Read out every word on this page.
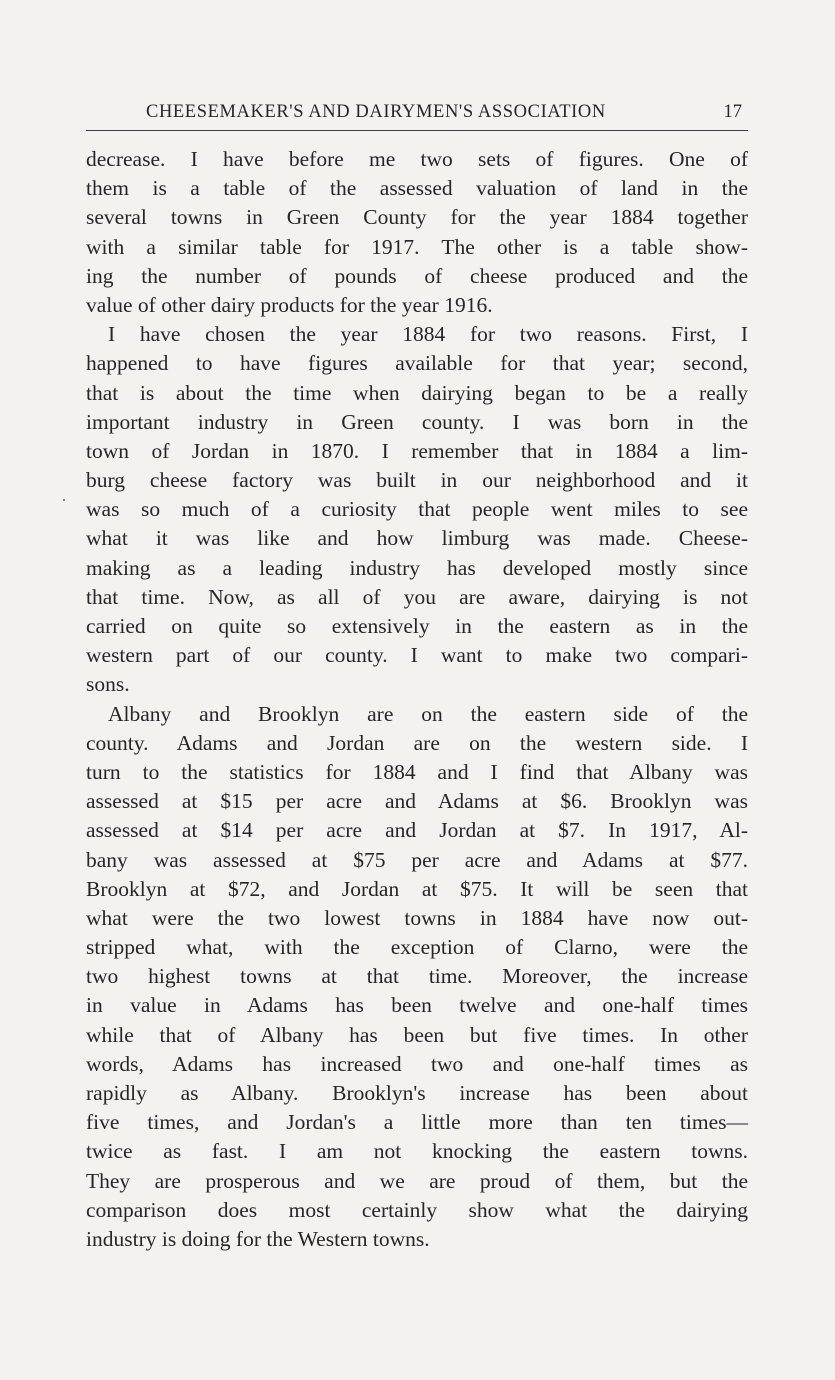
CHEESEMAKER'S AND DAIRYMEN'S ASSOCIATION	17
.
decrease. I have before me two sets of figures. One of
them is a table of the assessed valuation of land in the
several towns in Green County for the year 1884 together
with a similar table for 1917. The other is a table show-
ing the number of pounds of cheese produced and the
value of other dairy products for the year 1916.
I have chosen the year 1884 for two reasons. First, I
happened to have figures available for that year; second,
that is about the time when dairying began to be a really
important industry in Green county. I was born in the
town of Jordan in 1870. I remember that in 1884 a lim-
burg cheese factory was built in our neighborhood and it
was so much of a curiosity that people went miles to see
what it was like and how limburg was made. Cheese-
making as a leading industry has developed mostly since
that time. Now, as all of you are aware, dairying is not
carried on quite so extensively in the eastern as in the
western part of our county. I want to make two compari-
sons.
Albany and Brooklyn are on the eastern side of the
county. Adams and Jordan are on the western side. I
turn to the statistics for 1884 and I find that Albany was
assessed at $15 per acre and Adams at $6. Brooklyn was
assessed at $14 per acre and Jordan at $7. In 1917, Al-
bany was assessed at $75 per acre and Adams at $77.
Brooklyn at $72, and Jordan at $75. It will be seen that
what were the two lowest towns in 1884 have now out-
stripped what, with the exception of Clarno, were the
two highest towns at that time. Moreover, the increase
in value in Adams has been twelve and one-half times
while that of Albany has been but five times. In other
words, Adams has increased two and one-half times as
rapidly as Albany. Brooklyn's increase has been about
five times, and Jordan's a little more than ten times—
twice as fast. I am not knocking the eastern towns.
They are prosperous and we are proud of them, but the
comparison does most certainly show what the dairying
industry is doing for the Western towns.
